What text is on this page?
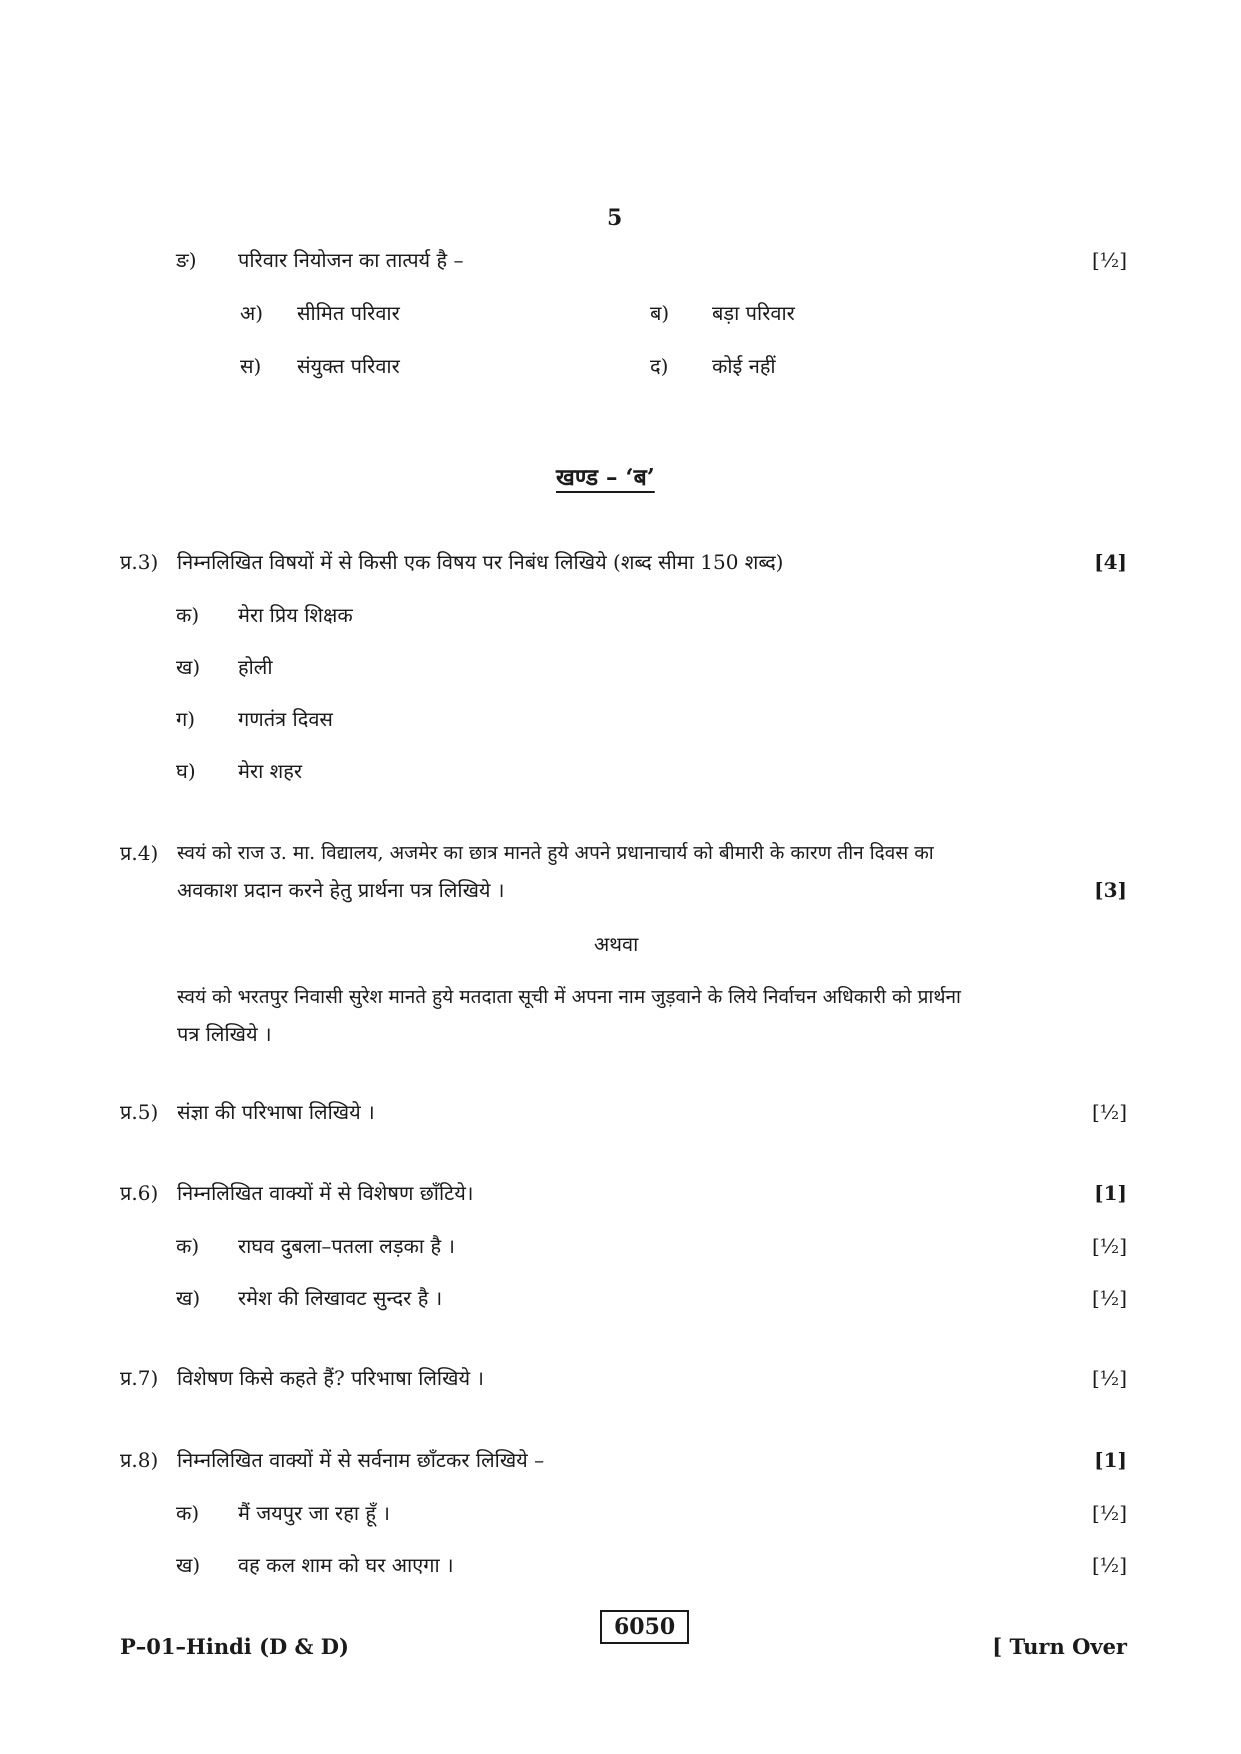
5
ङ) परिवार नियोजन का तात्पर्य है –	[½]
अ) सीमित परिवार	ब) बड़ा परिवार
स) संयुक्त परिवार	द) कोई नहीं
खण्ड – ‘ब’
प्र.3) निम्नलिखित विषयों में से किसी एक विषय पर निबंध लिखिये (शब्द सीमा 150 शब्द)	[4]
क) मेरा प्रिय शिक्षक
ख) होली
ग) गणतंत्र दिवस
घ) मेरा शहर
प्र.4) स्वयं को राज उ. मा. विद्यालय, अजमेर का छात्र मानते हुये अपने प्रधानाचार्य को बीमारी के कारण तीन दिवस का
अवकाश प्रदान करने हेतु प्रार्थना पत्र लिखिये ।	[3]
अथवा
स्वयं को भरतपुर निवासी सुरेश मानते हुये मतदाता सूची में अपना नाम जुड़वाने के लिये निर्वाचन अधिकारी को प्रार्थना
पत्र लिखिये ।
प्र.5) संज्ञा की परिभाषा लिखिये ।	[½]
प्र.6) निम्नलिखित वाक्यों में से विशेषण छाँटिये।	[1]
क) राघव दुबला–पतला लड़का है ।	[½]
ख) रमेश की लिखावट सुन्दर है ।	[½]
प्र.7) विशेषण किसे कहते हैं? परिभाषा लिखिये ।	[½]
प्र.8) निम्नलिखित वाक्यों में से सर्वनाम छाँटकर लिखिये –	[1]
क) मैं जयपुर जा रहा हूँ ।	[½]
ख) वह कल शाम को घर आएगा ।	[½]
P–01–Hindi (D & D)
6050
[ Turn Over
